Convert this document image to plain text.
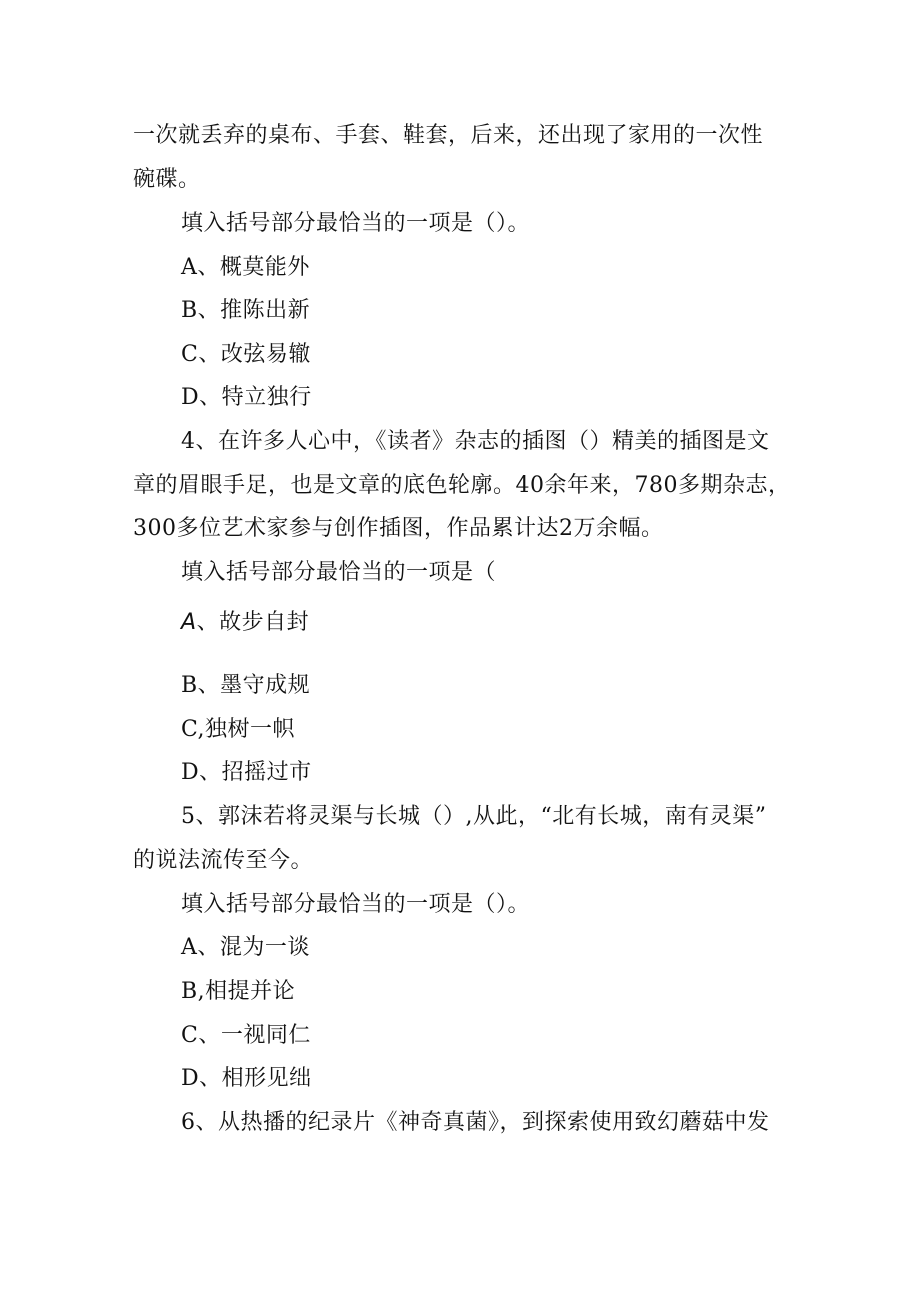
一次就丢弃的桌布、手套、鞋套，后来，还出现了家用的一次性
碗碟。
填入括号部分最恰当的一项是（）。
A、概莫能外
B、推陈出新
C、改弦易辙
D、特立独行
4、在许多人心中，《读者》杂志的插图（）精美的插图是文
章的眉眼手足，也是文章的底色轮廓。40余年来，780多期杂志，
300多位艺术家参与创作插图，作品累计达2万余幅。
填入括号部分最恰当的一项是（
A、故步自封
B、墨守成规
C,独树一帜
D、招摇过市
5、郭沫若将灵渠与长城（）,从此，“北有长城，南有灵渠”
的说法流传至今。
填入括号部分最恰当的一项是（）。
A、混为一谈
B,相提并论
C、一视同仁
D、相形见绌
6、从热播的纪录片《神奇真菌》，到探索使用致幻蘑菇中发
